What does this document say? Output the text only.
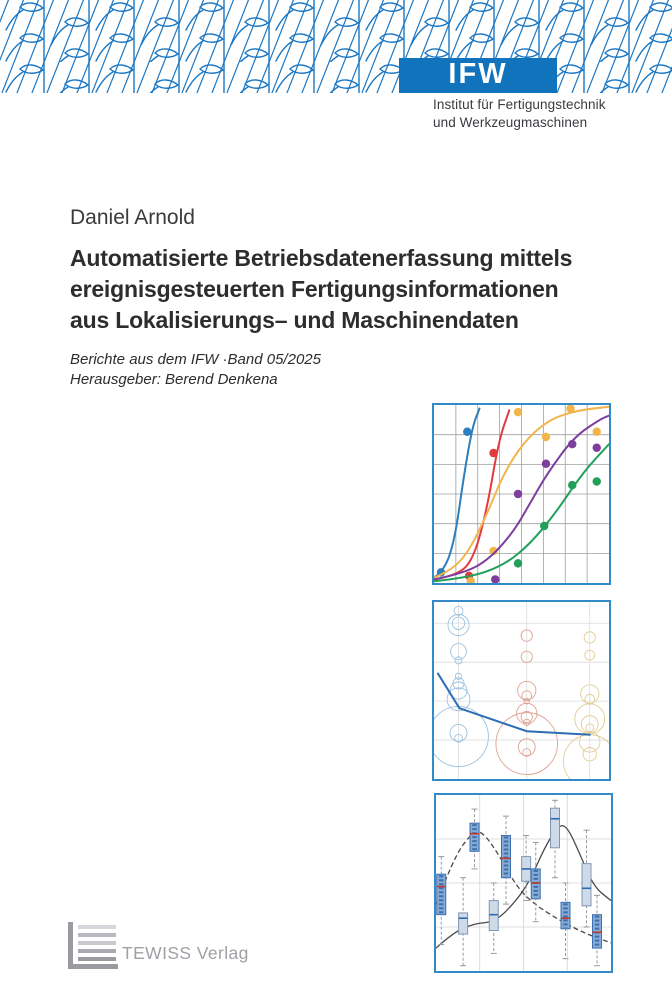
IFW
Institut für Fertigungstechnik
und Werkzeugmaschinen
Daniel Arnold
Automatisierte Betriebsdatenerfassung mittels
ereignisgesteuerten Fertigungsinformationen
aus Lokalisierungs– und Maschinendaten
Berichte aus dem IFW ·Band 05/2025
Herausgeber: Berend Denkena
TEWISS Verlag
